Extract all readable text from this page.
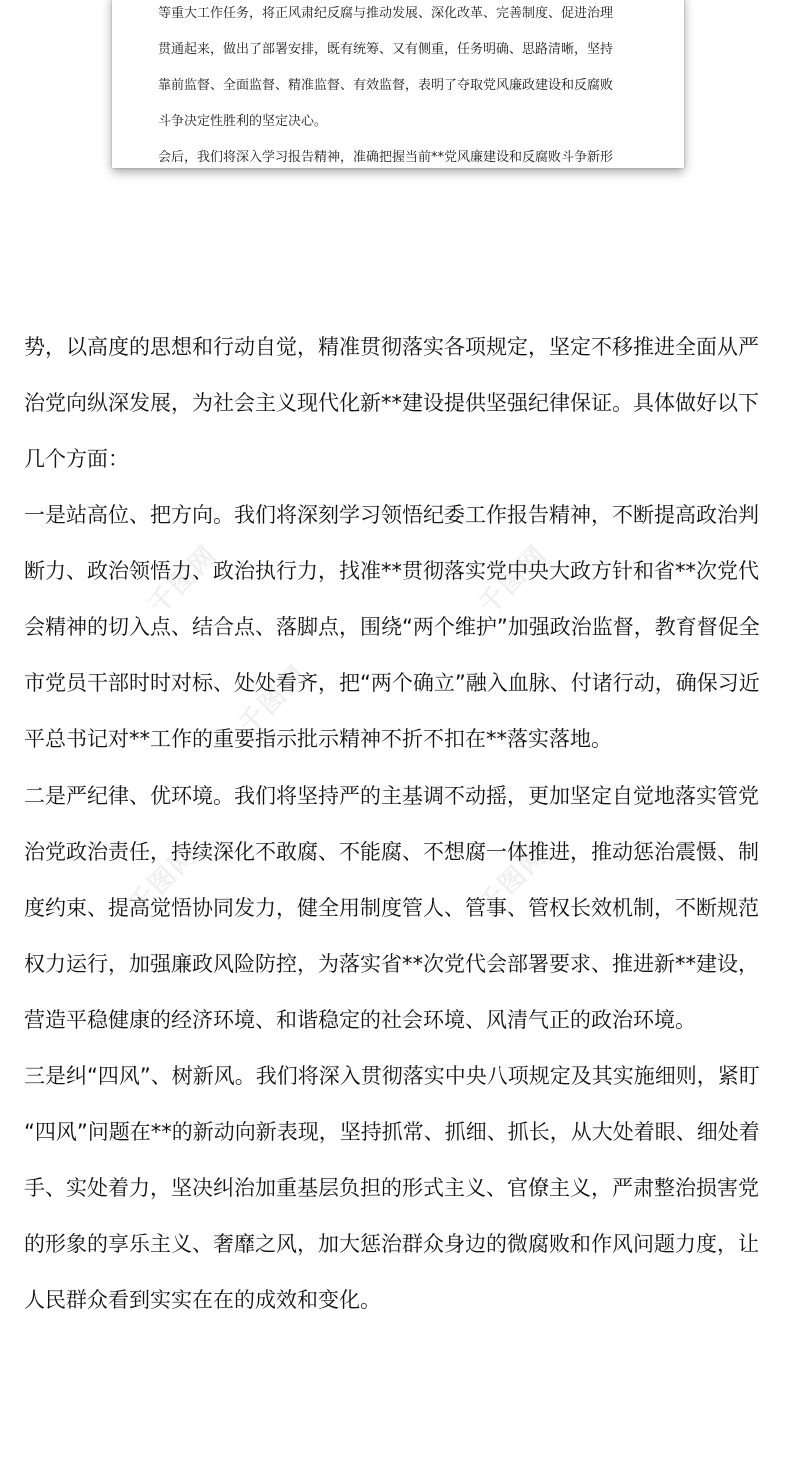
千图网	千图网
千图网
千图网	千图网
等重大工作任务，将正风肃纪反腐与推动发展、深化改革、完善制度、促进治理
贯通起来，做出了部署安排，既有统筹、又有侧重，任务明确、思路清晰，坚持
靠前监督、全面监督、精准监督、有效监督，表明了夺取党风廉政建设和反腐败
斗争决定性胜利的坚定决心。
会后，我们将深入学习报告精神，准确把握当前**党风廉建设和反腐败斗争新形
势，以高度的思想和行动自觉，精准贯彻落实各项规定，坚定不移推进全面从严
治党向纵深发展，为社会主义现代化新**建设提供坚强纪律保证。具体做好以下
几个方面：
一是站高位、把方向。我们将深刻学习领悟纪委工作报告精神，不断提高政治判
断力、政治领悟力、政治执行力，找准**贯彻落实党中央大政方针和省**次党代
会精神的切入点、结合点、落脚点，围绕“两个维护”加强政治监督，教育督促全
市党员干部时时对标、处处看齐，把“两个确立”融入血脉、付诸行动，确保习近
平总书记对**工作的重要指示批示精神不折不扣在**落实落地。
二是严纪律、优环境。我们将坚持严的主基调不动摇，更加坚定自觉地落实管党
治党政治责任，持续深化不敢腐、不能腐、不想腐一体推进，推动惩治震慑、制
度约束、提高觉悟协同发力，健全用制度管人、管事、管权长效机制，不断规范
权力运行，加强廉政风险防控，为落实省**次党代会部署要求、推进新**建设，
营造平稳健康的经济环境、和谐稳定的社会环境、风清气正的政治环境。
三是纠“四风”、树新风。我们将深入贯彻落实中央八项规定及其实施细则，紧盯
“四风”问题在**的新动向新表现，坚持抓常、抓细、抓长，从大处着眼、细处着
手、实处着力，坚决纠治加重基层负担的形式主义、官僚主义，严肃整治损害党
的形象的享乐主义、奢靡之风，加大惩治群众身边的微腐败和作风问题力度，让
人民群众看到实实在在的成效和变化。
